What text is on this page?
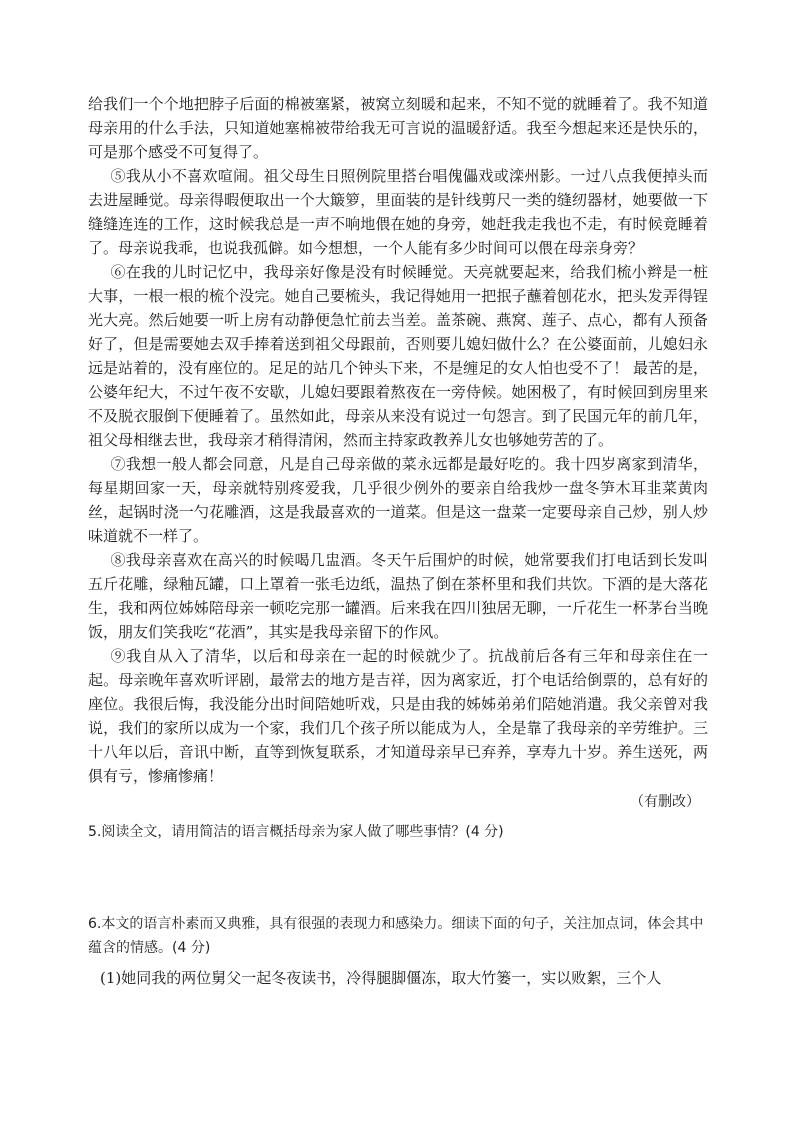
给我们一个个地把脖子后面的棉被塞紧，被窝立刻暖和起来，不知不觉的就睡着了。我不知道母亲用的什么手法，只知道她塞棉被带给我无可言说的温暖舒适。我至今想起来还是快乐的，可是那个感受不可复得了。

⑤我从小不喜欢喧闹。祖父母生日照例院里搭台唱傀儡戏或滦州影。一过八点我便掉头而去进屋睡觉。母亲得暇便取出一个大簸箩，里面装的是针线剪尺一类的缝纫器材，她要做一下缝缝连连的工作，这时候我总是一声不响地偎在她的身旁，她赶我走我也不走，有时候竟睡着了。母亲说我乖，也说我孤僻。如今想想，一个人能有多少时间可以偎在母亲身旁？

⑥在我的儿时记忆中，我母亲好像是没有时候睡觉。天亮就要起来，给我们梳小辫是一桩大事，一根一根的梳个没完。她自己要梳头，我记得她用一把抿子蘸着刨花水，把头发弄得锃光大亮。然后她要一听上房有动静便急忙前去当差。盖茶碗、燕窝、莲子、点心，都有人预备好了，但是需要她去双手捧着送到祖父母跟前，否则要儿媳妇做什么？在公婆面前，儿媳妇永远是站着的，没有座位的。足足的站几个钟头下来，不是缠足的女人怕也受不了！ 最苦的是，公婆年纪大，不过午夜不安歇，儿媳妇要跟着熬夜在一旁侍候。她困极了，有时候回到房里来不及脱衣服倒下便睡着了。虽然如此，母亲从来没有说过一句怨言。到了民国元年的前几年，祖父母相继去世，我母亲才稍得清闲，然而主持家政教养儿女也够她劳苦的了。

⑦我想一般人都会同意，凡是自己母亲做的菜永远都是最好吃的。我十四岁离家到清华，每星期回家一天，母亲就特别疼爱我，几乎很少例外的要亲自给我炒一盘冬笋木耳韭菜黄肉丝，起锅时浇一勺花雕酒，这是我最喜欢的一道菜。但是这一盘菜一定要母亲自己炒，别人炒味道就不一样了。

⑧我母亲喜欢在高兴的时候喝几盅酒。冬天午后围炉的时候，她常要我们打电话到长发叫五斤花雕，绿釉瓦罐，口上罩着一张毛边纸，温热了倒在茶杯里和我们共饮。下酒的是大落花生，我和两位姊姊陪母亲一顿吃完那一罐酒。后来我在四川独居无聊，一斤花生一杯茅台当晚饭，朋友们笑我吃“花酒”，其实是我母亲留下的作风。

⑨我自从入了清华，以后和母亲在一起的时候就少了。抗战前后各有三年和母亲住在一起。母亲晚年喜欢听评剧，最常去的地方是吉祥，因为离家近，打个电话给倒票的，总有好的座位。我很后悔，我没能分出时间陪她听戏，只是由我的姊姊弟弟们陪她消遣。我父亲曾对我说，我们的家所以成为一个家，我们几个孩子所以能成为人，全是靠了我母亲的辛劳维护。三十八年以后，音讯中断，直等到恢复联系，才知道母亲早已弃养，享寿九十岁。养生送死，两俱有亏，惨痛惨痛！

（有删改）
5.阅读全文，请用简洁的语言概括母亲为家人做了哪些事情？(4 分)
6.本文的语言朴素而又典雅，具有很强的表现力和感染力。细读下面的句子，关注加点词，体会其中蕴含的情感。(4 分)
(1)她同我的两位舅父一起冬夜读书，冷得腿脚僵冻，取大竹篓一，实以败絮，三个人
